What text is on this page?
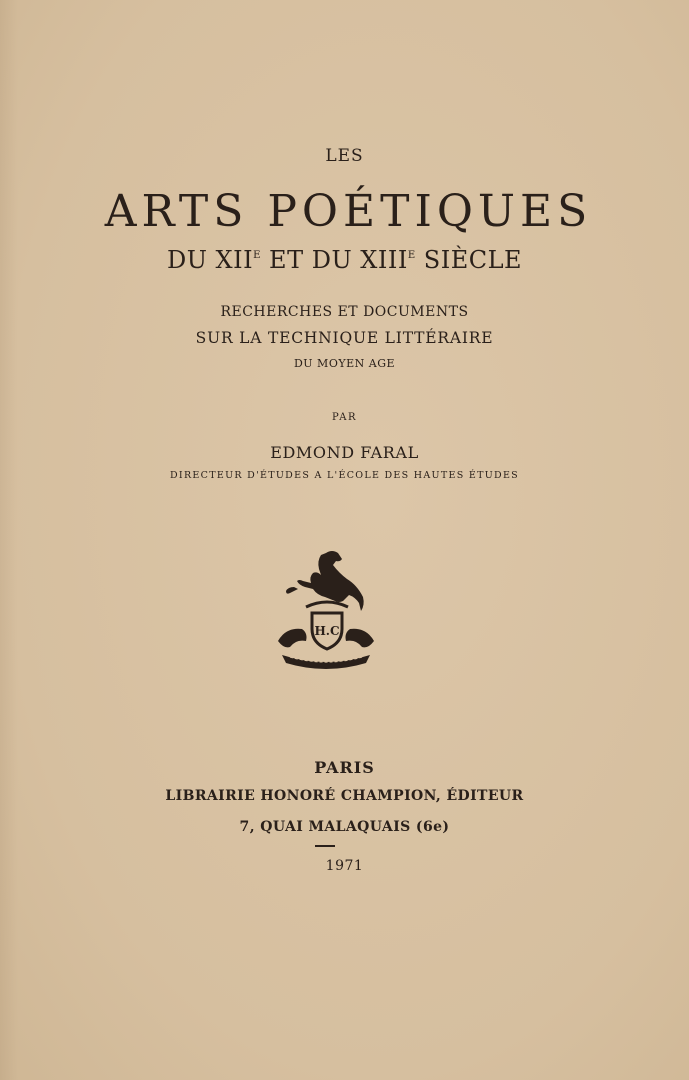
LES
ARTS POÉTIQUES
DU $XII^E$ ET DU $XIII^E$ SIÈCLE
RECHERCHES ET DOCUMENTS
SUR LA TECHNIQUE LITTÉRAIRE
DU MOYEN AGE
PAR
EDMOND FARAL
DIRECTEUR D'ÉTUDES A L'ÉCOLE DES HAUTES ÉTUDES
H.C
PARIS
LIBRAIRIE HONORÉ CHAMPION, ÉDITEUR
7, QUAI MALAQUAIS (6e)
1971
